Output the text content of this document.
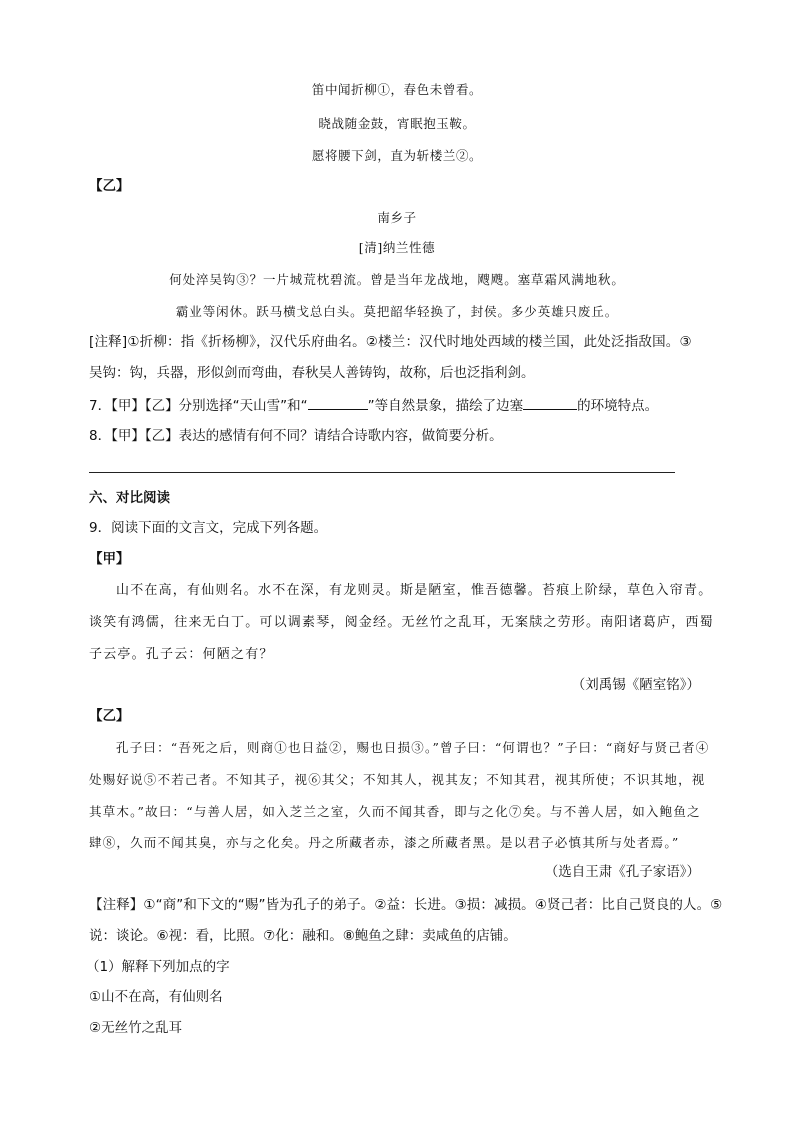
笛中闻折柳①，春色未曾看。
晓战随金鼓，宵眠抱玉鞍。
愿将腰下剑，直为斩楼兰②。
【乙】
南乡子
[清]纳兰性德
何处淬吴钩③？一片城荒枕碧流。曾是当年龙战地，飕飕。塞草霜风满地秋。
霸业等闲休。跃马横戈总白头。莫把韶华轻换了，封侯。多少英雄只废丘。
[注释]①折柳：指《折杨柳》，汉代乐府曲名。②楼兰：汉代时地处西域的楼兰国，此处泛指敌国。③
吴钩：钩，兵器，形似剑而弯曲，春秋吴人善铸钩，故称，后也泛指利剑。
7．【甲】【乙】分别选择“天山雪”和“	”等自然景象，描绘了边塞	的环境特点。
8．【甲】【乙】表达的感情有何不同？请结合诗歌内容，做简要分析。
六、对比阅读
9．阅读下面的文言文，完成下列各题。
【甲】
山不在高，有仙则名。水不在深，有龙则灵。斯是陋室，惟吾德馨。苔痕上阶绿，草色入帘青。
谈笑有鸿儒，往来无白丁。可以调素琴，阅金经。无丝竹之乱耳，无案牍之劳形。南阳诸葛庐，西蜀
子云亭。孔子云：何陋之有？
（刘禹锡《陋室铭》）
【乙】
孔子曰：“吾死之后，则商①也日益②，赐也日损③。”曾子曰：“何谓也？”子曰：“商好与贤己者④
处赐好说⑤不若己者。不知其子，视⑥其父；不知其人，视其友；不知其君，视其所使；不识其地，视
其草木。”故曰：“与善人居，如入芝兰之室，久而不闻其香，即与之化⑦矣。与不善人居，如入鲍鱼之
肆⑧，久而不闻其臭，亦与之化矣。丹之所藏者赤，漆之所藏者黑。是以君子必慎其所与处者焉。”
（选自王肃《孔子家语》）
【注释】①“商”和下文的“赐”皆为孔子的弟子。②益：长进。③损：减损。④贤己者：比自己贤良的人。⑤
说：谈论。⑥视：看，比照。⑦化：融和。⑧鲍鱼之肆：卖咸鱼的店铺。
（1）解释下列加点的字
①山不在高，有仙则名
②无丝竹之乱耳
